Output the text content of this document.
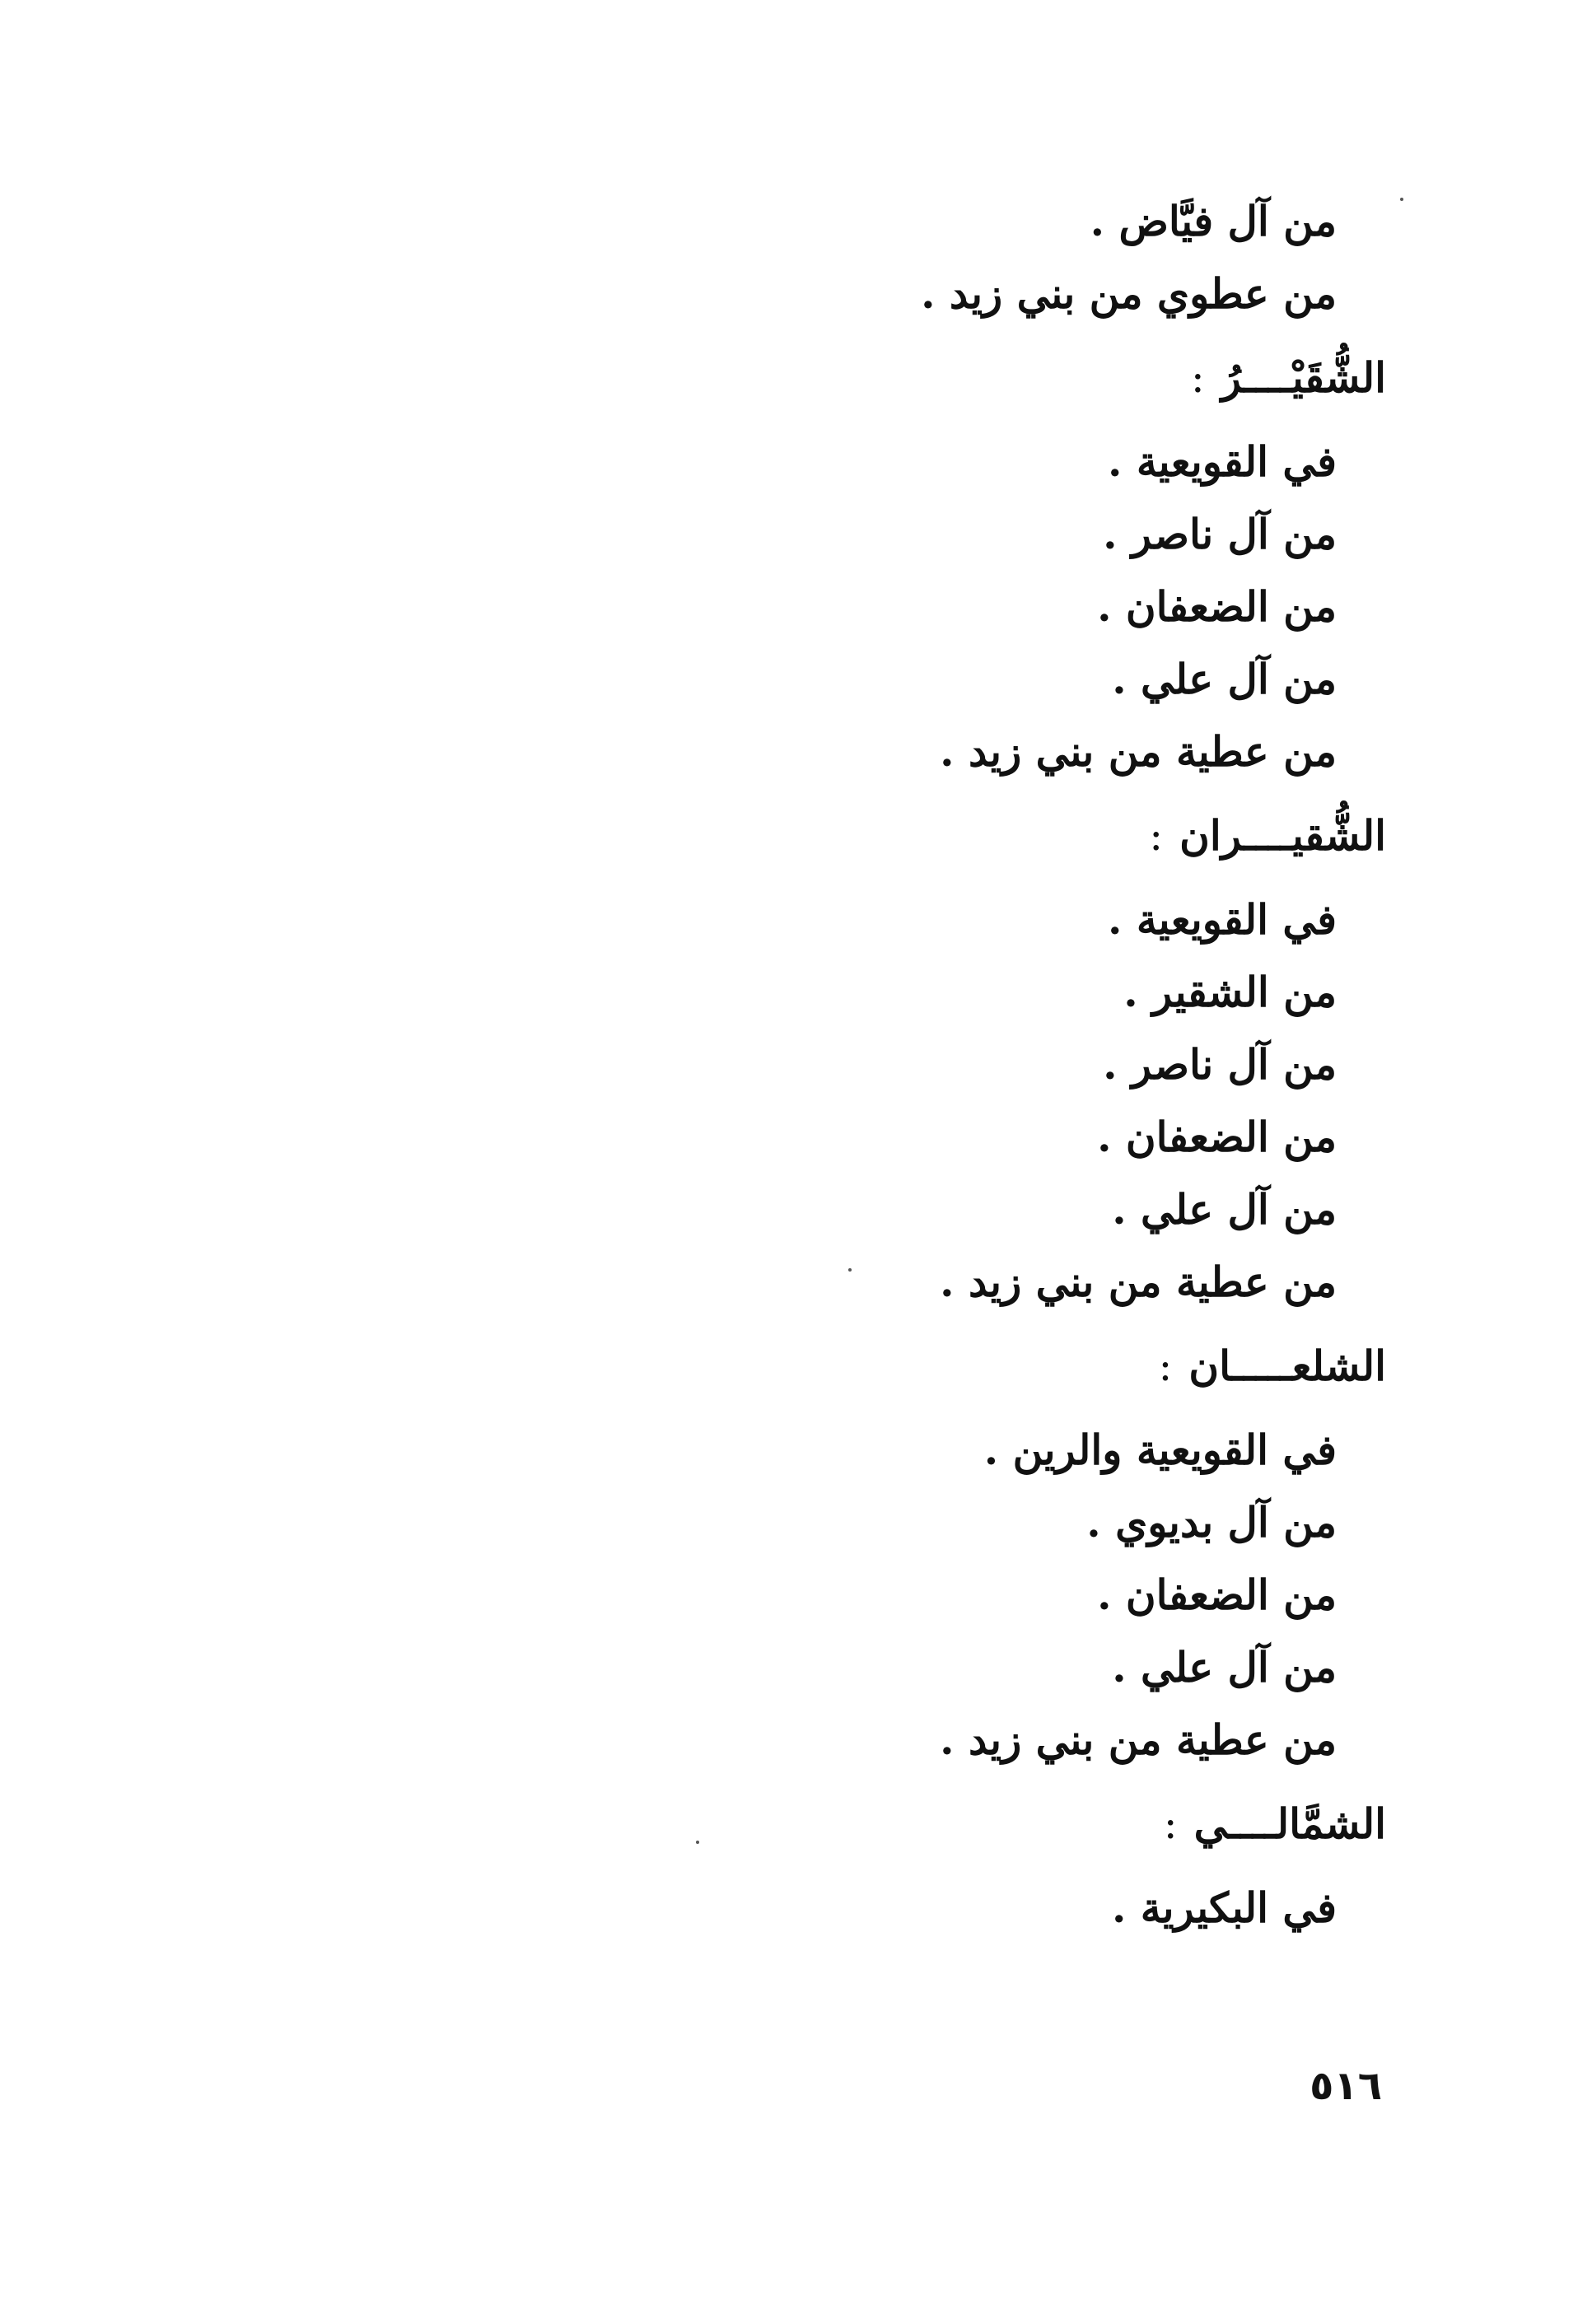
من آل فيَّاض .
من عطوي من بني زيد .
الشُّقَيْــــرُ:
في القويعية .
من آل ناصر .
من الضعفان .
من آل علي .
من عطية من بني زيد .
الشُّقيــــران:
في القويعية .
من الشقير .
من آل ناصر .
من الضعفان .
من آل علي .
من عطية من بني زيد .
الشلعـــــان:
في القويعية والرين .
من آل بديوي .
من الضعفان .
من آل علي .
من عطية من بني زيد .
الشمَّالــــي:
في البكيرية .
٥١٦
